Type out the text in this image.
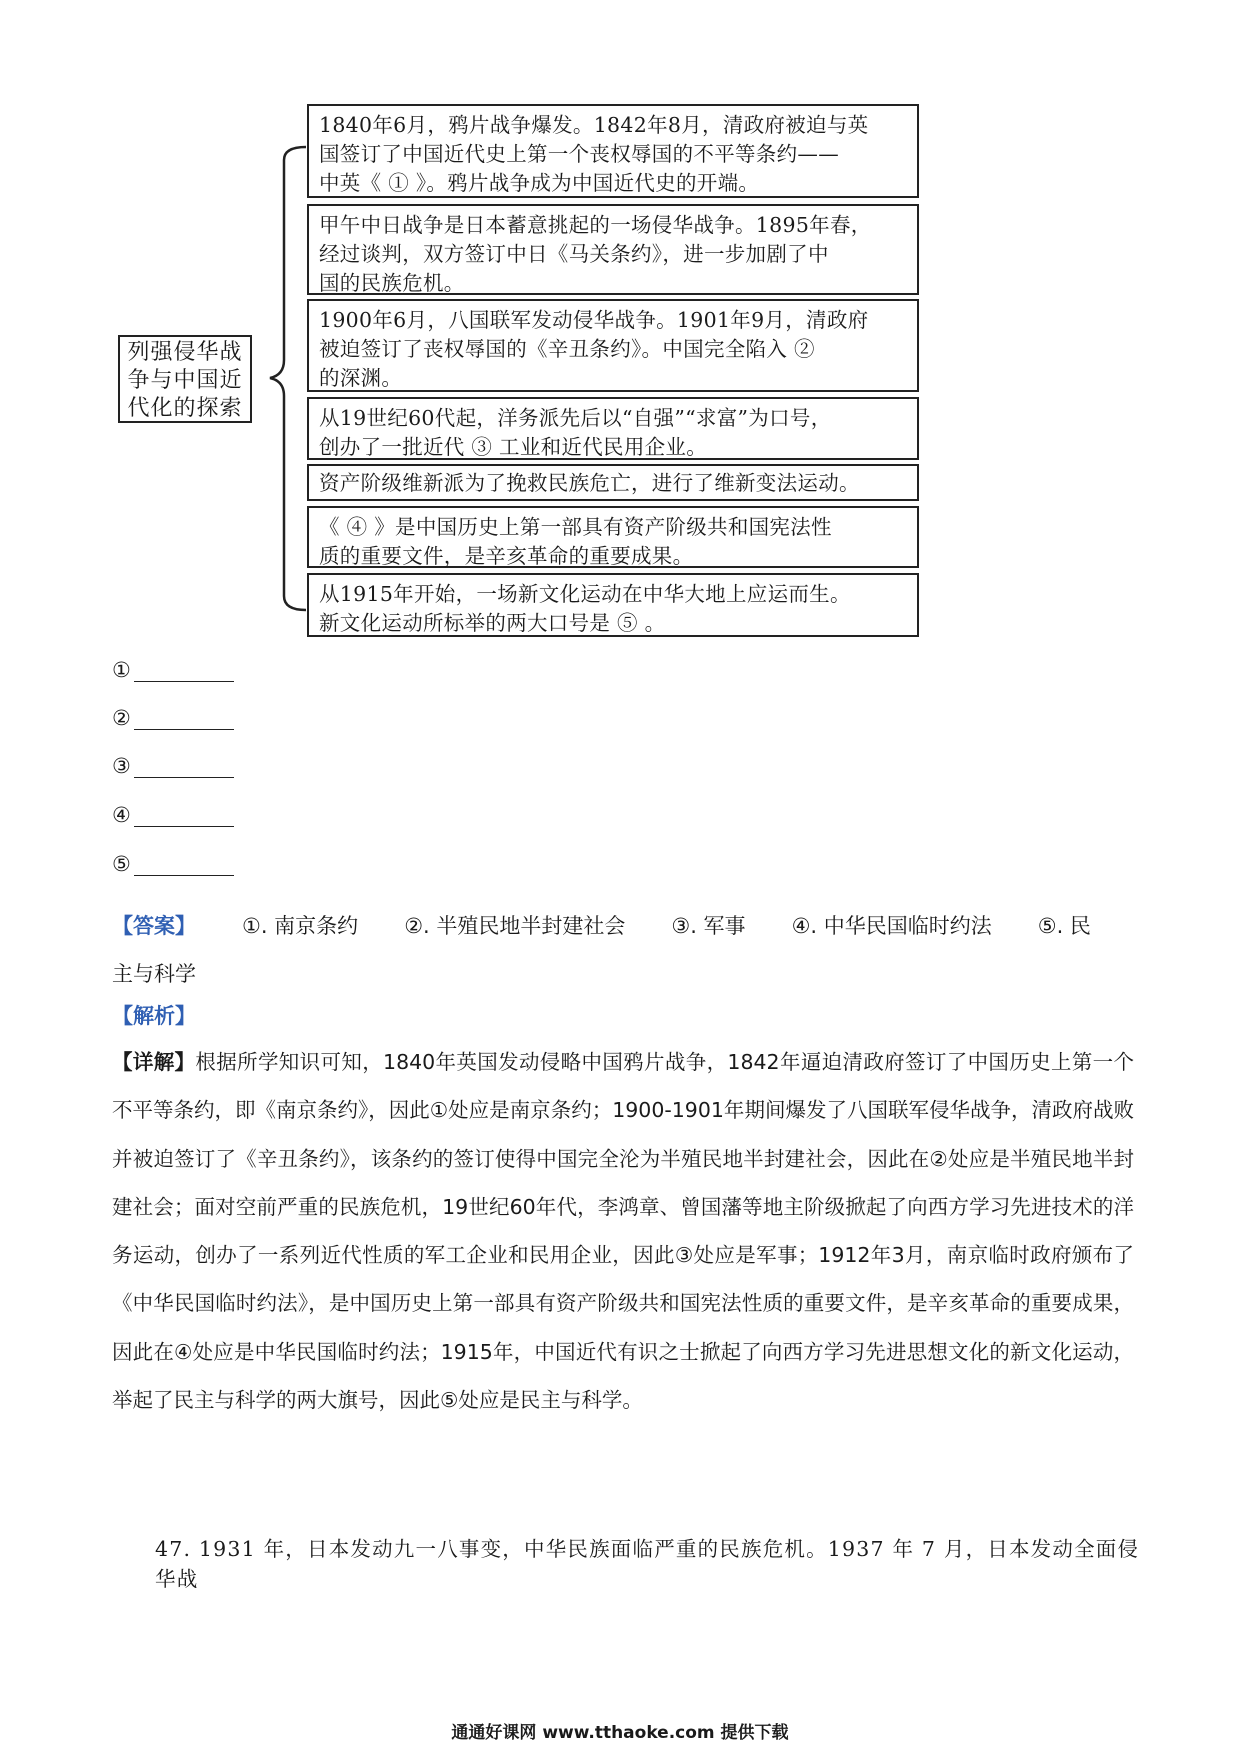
列强侵华战争与中国近代化的探索
1840年6月，鸦片战争爆发。1842年8月，清政府被迫与英
国签订了中国近代史上第一个丧权辱国的不平等条约——
中英《 ① 》。鸦片战争成为中国近代史的开端。
甲午中日战争是日本蓄意挑起的一场侵华战争。1895年春，
经过谈判，双方签订中日《马关条约》，进一步加剧了中
国的民族危机。
1900年6月，八国联军发动侵华战争。1901年9月，清政府
被迫签订了丧权辱国的《辛丑条约》。中国完全陷入 ②
的深渊。
从19世纪60代起，洋务派先后以“自强”“求富”为口号，
创办了一批近代 ③ 工业和近代民用企业。
资产阶级维新派为了挽救民族危亡，进行了维新变法运动。
《 ④ 》是中国历史上第一部具有资产阶级共和国宪法性
质的重要文件，是辛亥革命的重要成果。
从1915年开始，一场新文化运动在中华大地上应运而生。
新文化运动所标举的两大口号是 ⑤ 。
①
②
③
④
⑤
【答案】 ①. 南京条约 ②. 半殖民地半封建社会 ③. 军事 ④. 中华民国临时约法 ⑤. 民
主与科学
【解析】
【详解】根据所学知识可知，1840年英国发动侵略中国鸦片战争，1842年逼迫清政府签订了中国历史上第一个不平等条约，即《南京条约》，因此①处应是南京条约；1900-1901年期间爆发了八国联军侵华战争，清政府战败并被迫签订了《辛丑条约》，该条约的签订使得中国完全沦为半殖民地半封建社会，因此在②处应是半殖民地半封建社会；面对空前严重的民族危机，19世纪60年代，李鸿章、曾国藩等地主阶级掀起了向西方学习先进技术的洋务运动，创办了一系列近代性质的军工企业和民用企业，因此③处应是军事；1912年3月，南京临时政府颁布了《中华民国临时约法》，是中国历史上第一部具有资产阶级共和国宪法性质的重要文件，是辛亥革命的重要成果，因此在④处应是中华民国临时约法；1915年，中国近代有识之士掀起了向西方学习先进思想文化的新文化运动，举起了民主与科学的两大旗号，因此⑤处应是民主与科学。
47. 1931 年，日本发动九一八事变，中华民族面临严重的民族危机。1937 年 7 月，日本发动全面侵华战
通通好课网 www.tthaoke.com 提供下载
